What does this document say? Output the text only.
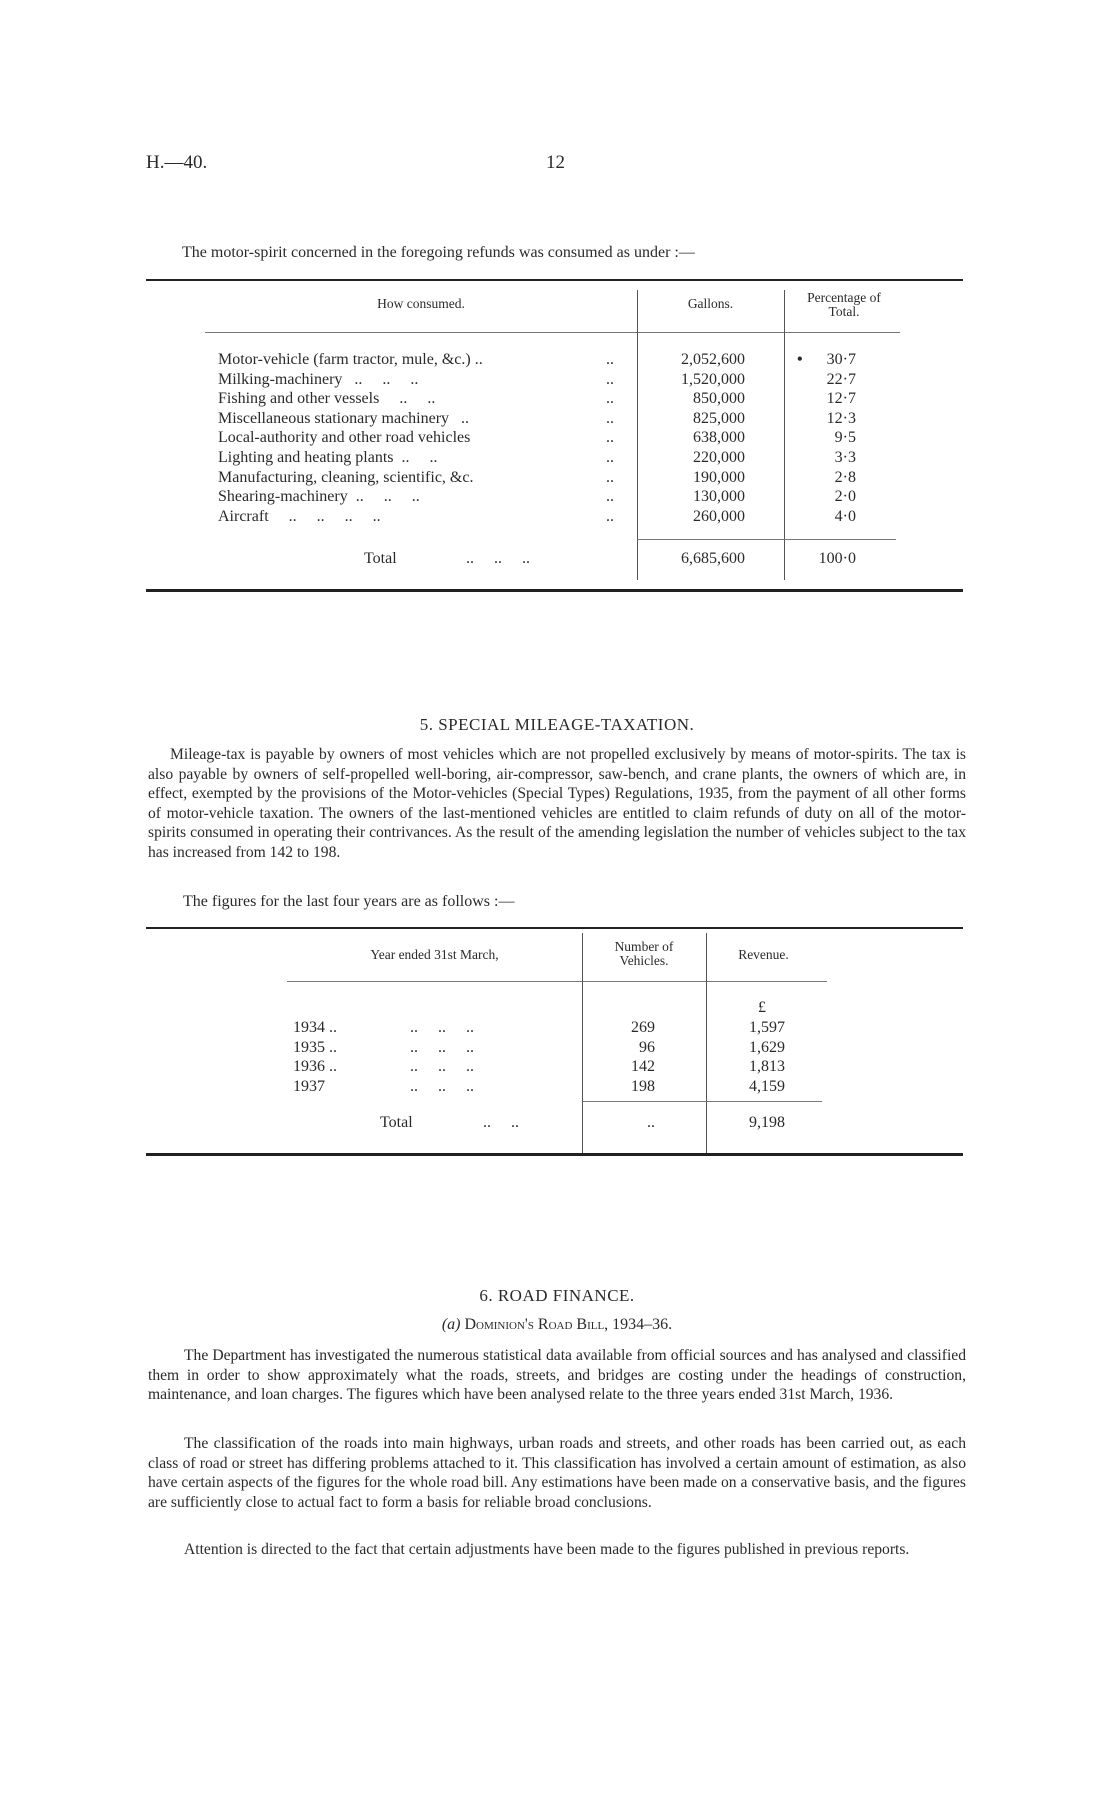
H.—40.	12
The motor-spirit concerned in the foregoing refunds was consumed as under :—
How consumed.	Gallons.	Percentage of
Total.
Motor-vehicle (farm tractor, mule, &c.) ..	..	2,052,600	•	30·7
Milking-machinery   ..     ..     ..	..	1,520,000	22·7
Fishing and other vessels     ..     ..	..	850,000	12·7
Miscellaneous stationary machinery   ..	..	825,000	12·3
Local-authority and other road vehicles	..	638,000	9·5
Lighting and heating plants  ..     ..	..	220,000	3·3
Manufacturing, cleaning, scientific, &c.	..	190,000	2·8
Shearing-machinery  ..     ..     ..	..	130,000	2·0
Aircraft     ..     ..     ..     ..	..	260,000	4·0
Total	..     ..     ..	6,685,600	100·0
5. SPECIAL MILEAGE-TAXATION.
Mileage-tax is payable by owners of most vehicles which are not propelled exclusively by means of motor-spirits. The tax is also payable by owners of self-propelled well-boring, air-compressor, saw-bench, and crane plants, the owners of which are, in effect, exempted by the provisions of the Motor-vehicles (Special Types) Regulations, 1935, from the payment of all other forms of motor-vehicle taxation. The owners of the last-mentioned vehicles are entitled to claim refunds of duty on all of the motor-spirits consumed in operating their contrivances. As the result of the amending legislation the number of vehicles subject to the tax has increased from 142 to 198.
The figures for the last four years are as follows :—
Year ended 31st March,
Number of
Vehicles.	Revenue.
£
1934 ..	..     ..     ..	269	1,597
1935 ..	..     ..     ..	96	1,629
1936 ..	..     ..     ..	142	1,813
1937	..     ..     ..	198	4,159
Total	..     ..	..	9,198
6. ROAD FINANCE.
(a) Dominion's Road Bill, 1934–36.
The Department has investigated the numerous statistical data available from official sources and has analysed and classified them in order to show approximately what the roads, streets, and bridges are costing under the headings of construction, maintenance, and loan charges. The figures which have been analysed relate to the three years ended 31st March, 1936.
The classification of the roads into main highways, urban roads and streets, and other roads has been carried out, as each class of road or street has differing problems attached to it. This classification has involved a certain amount of estimation, as also have certain aspects of the figures for the whole road bill. Any estimations have been made on a conservative basis, and the figures are sufficiently close to actual fact to form a basis for reliable broad conclusions.
Attention is directed to the fact that certain adjustments have been made to the figures published in previous reports.
